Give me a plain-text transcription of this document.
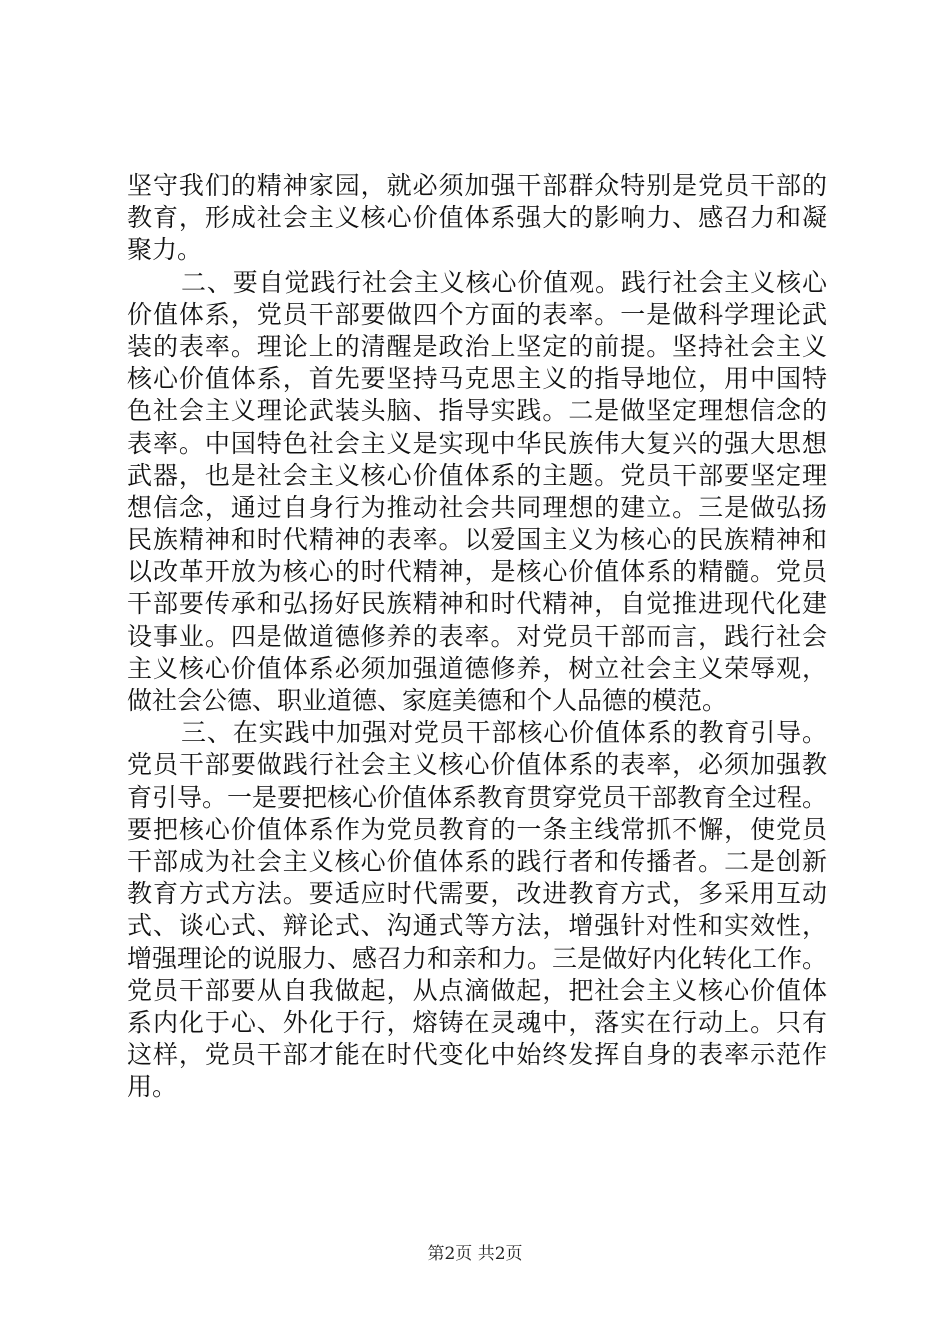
坚守我们的精神家园，就必须加强干部群众特别是党员干部的
教育，形成社会主义核心价值体系强大的影响力、感召力和凝
聚力。
二、要自觉践行社会主义核心价值观。践行社会主义核心
价值体系，党员干部要做四个方面的表率。一是做科学理论武
装的表率。理论上的清醒是政治上坚定的前提。坚持社会主义
核心价值体系，首先要坚持马克思主义的指导地位，用中国特
色社会主义理论武装头脑、指导实践。二是做坚定理想信念的
表率。中国特色社会主义是实现中华民族伟大复兴的强大思想
武器，也是社会主义核心价值体系的主题。党员干部要坚定理
想信念，通过自身行为推动社会共同理想的建立。三是做弘扬
民族精神和时代精神的表率。以爱国主义为核心的民族精神和
以改革开放为核心的时代精神，是核心价值体系的精髓。党员
干部要传承和弘扬好民族精神和时代精神，自觉推进现代化建
设事业。四是做道德修养的表率。对党员干部而言，践行社会
主义核心价值体系必须加强道德修养，树立社会主义荣辱观，
做社会公德、职业道德、家庭美德和个人品德的模范。
三、在实践中加强对党员干部核心价值体系的教育引导。
党员干部要做践行社会主义核心价值体系的表率，必须加强教
育引导。一是要把核心价值体系教育贯穿党员干部教育全过程。
要把核心价值体系作为党员教育的一条主线常抓不懈，使党员
干部成为社会主义核心价值体系的践行者和传播者。二是创新
教育方式方法。要适应时代需要，改进教育方式，多采用互动
式、谈心式、辩论式、沟通式等方法，增强针对性和实效性，
增强理论的说服力、感召力和亲和力。三是做好内化转化工作。
党员干部要从自我做起，从点滴做起，把社会主义核心价值体
系内化于心、外化于行，熔铸在灵魂中，落实在行动上。只有
这样，党员干部才能在时代变化中始终发挥自身的表率示范作
用。
第2页 共2页
